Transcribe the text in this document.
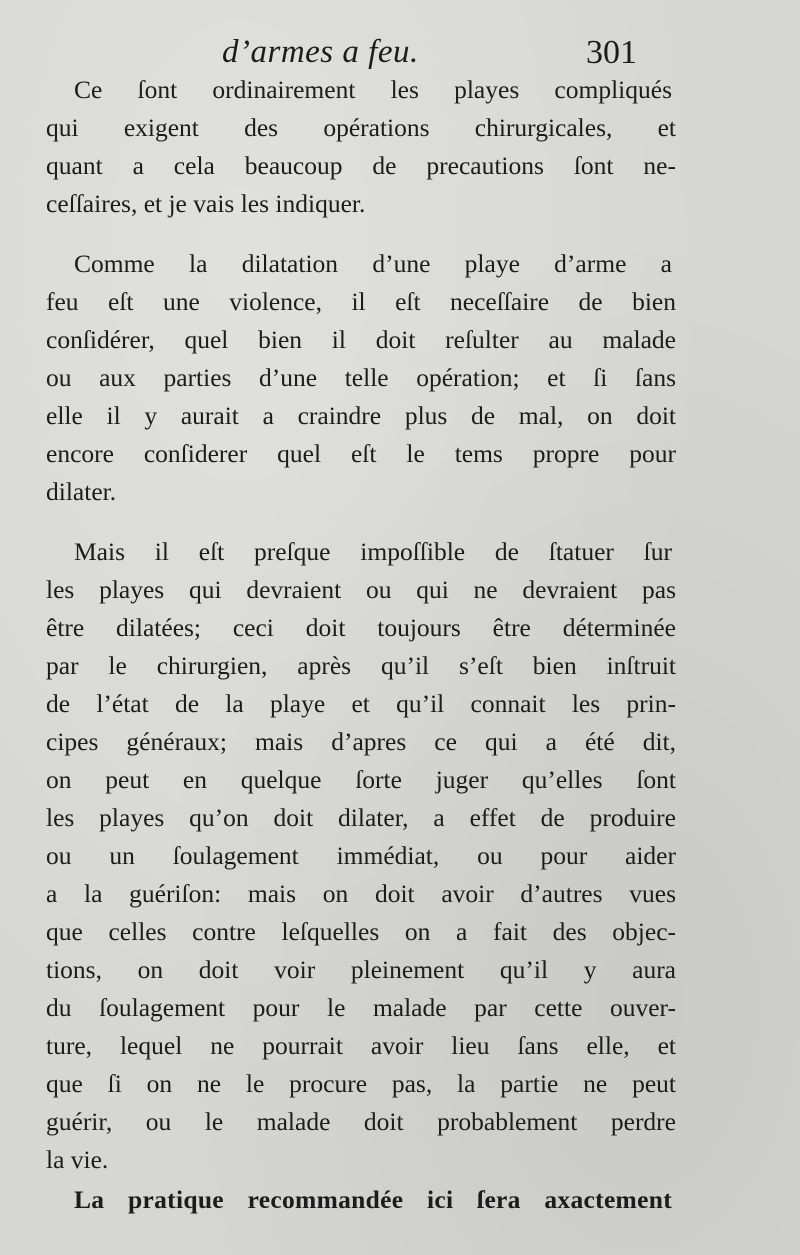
d’armes a feu.	301
Ce ſont ordinairement les playes compliqués
qui exigent des opérations chirurgicales, et
quant a cela beaucoup de precautions ſont ne-
ceſſaires, et je vais les indiquer.
Comme la dilatation d’une playe d’arme a
feu eſt une violence, il eſt neceſſaire de bien
conſidérer, quel bien il doit reſulter au malade
ou aux parties d’une telle opération; et ſi ſans
elle il y aurait a craindre plus de mal, on doit
encore conſiderer quel eſt le tems propre pour
dilater.
Mais il eſt preſque impoſſible de ſtatuer ſur
les playes qui devraient ou qui ne devraient pas
être dilatées; ceci doit toujours être déterminée
par le chirurgien, après qu’il s’eſt bien inſtruit
de l’état de la playe et qu’il connait les prin-
cipes généraux; mais d’apres ce qui a été dit,
on peut en quelque ſorte juger qu’elles ſont
les playes qu’on doit dilater, a effet de produire
ou un ſoulagement immédiat, ou pour aider
a la guériſon: mais on doit avoir d’autres vues
que celles contre leſquelles on a fait des objec-
tions, on doit voir pleinement qu’il y aura
du ſoulagement pour le malade par cette ouver-
ture, lequel ne pourrait avoir lieu ſans elle, et
que ſi on ne le procure pas, la partie ne peut
guérir, ou le malade doit probablement perdre
la vie.
La pratique recommandée ici ſera axactement
